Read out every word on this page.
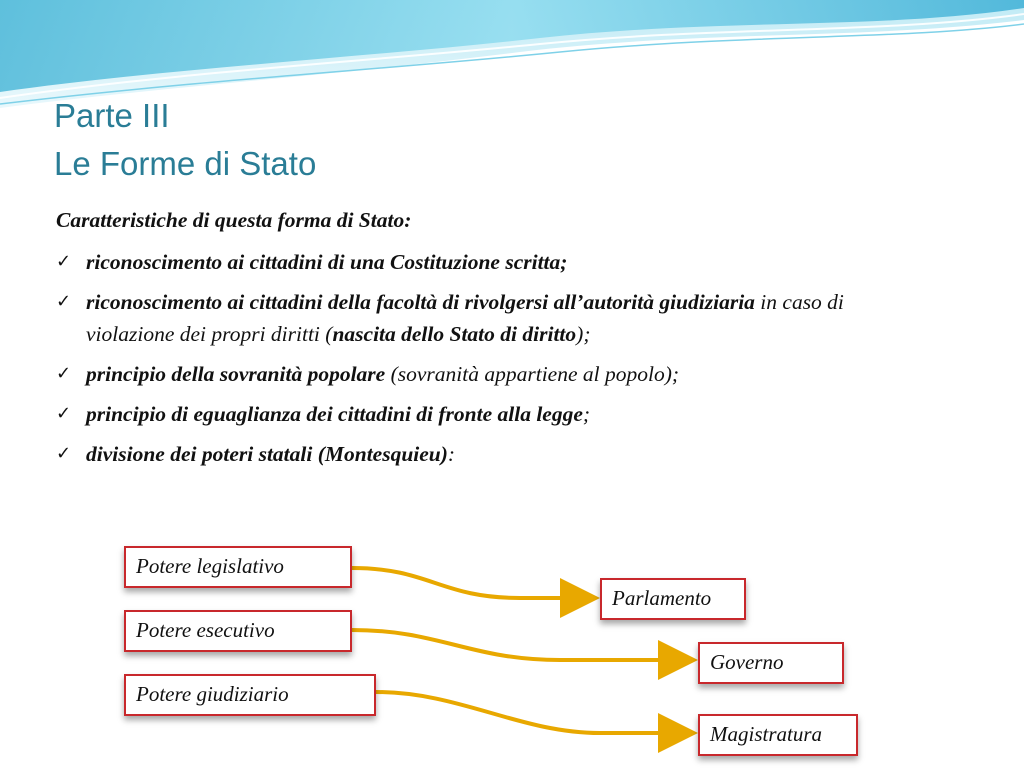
Parte III
Le Forme di Stato
Caratteristiche di questa forma di Stato:
✓ riconoscimento ai cittadini di una Costituzione scritta;
✓ riconoscimento ai cittadini della facoltà di rivolgersi all’autorità giudiziaria in caso di violazione dei propri diritti (nascita dello Stato di diritto);
✓ principio della sovranità popolare (sovranità appartiene al popolo);
✓ principio di eguaglianza dei cittadini di fronte alla legge;
✓ divisione dei poteri statali (Montesquieu):
Potere legislativo
Potere esecutivo
Potere giudiziario
Parlamento
Governo
Magistratura
